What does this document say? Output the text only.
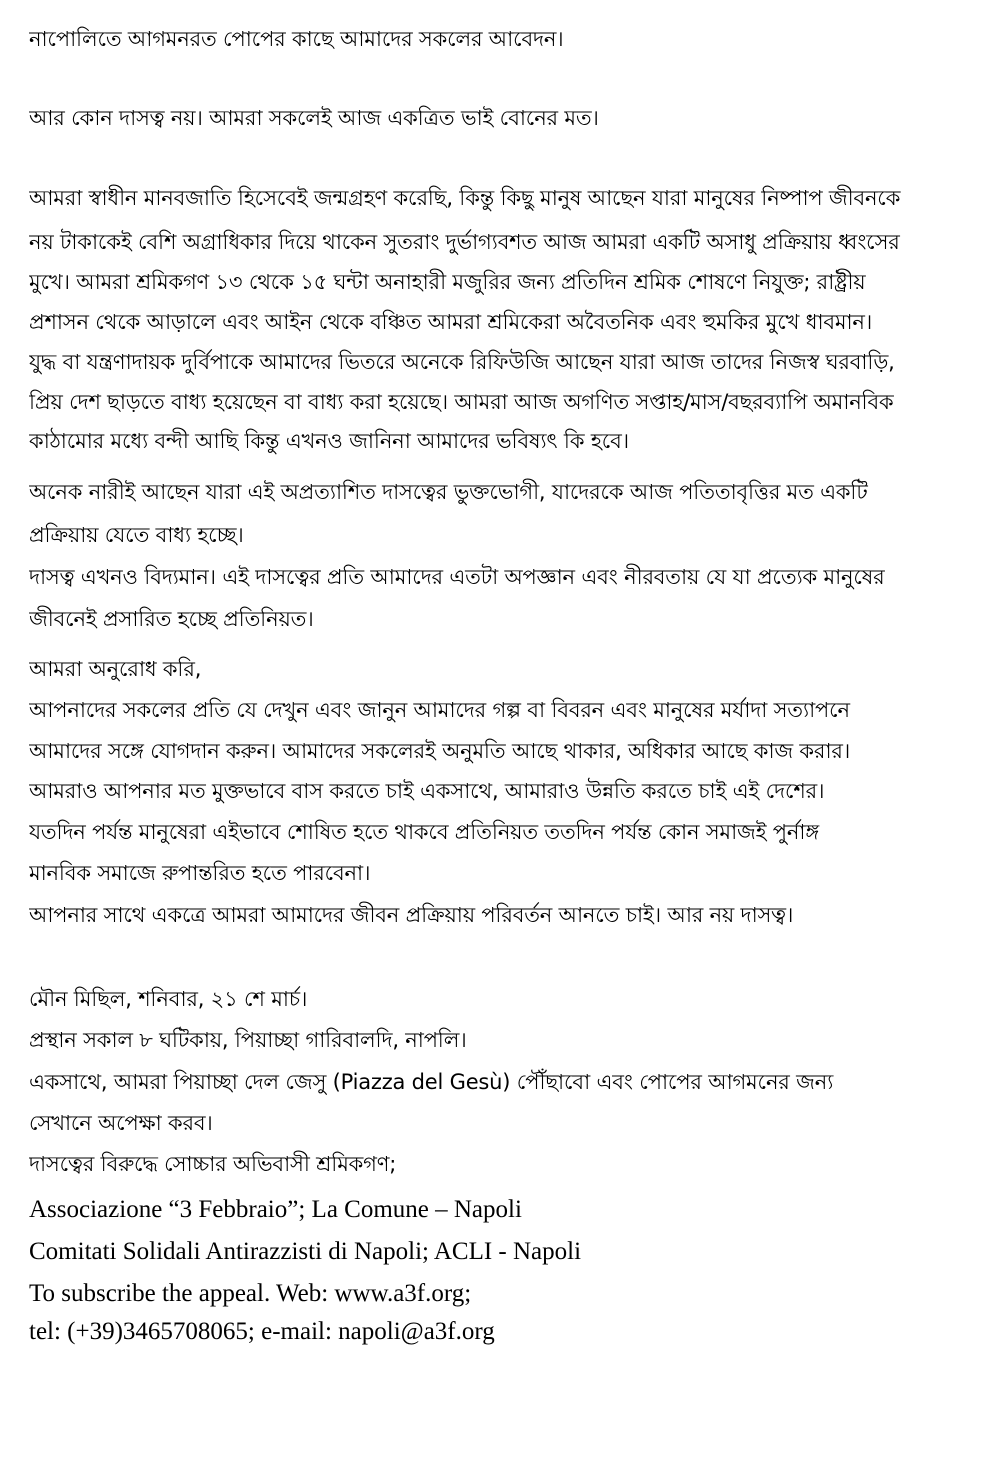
নাপোলিতে আগমনরত পোপের কাছে আমাদের সকলের আবেদন।
আর কোন দাসত্ব নয়। আমরা সকলেই আজ একত্রিত ভাই বোনের মত।
আমরা স্বাধীন মানবজাতি হিসেবেই জন্মগ্রহণ করেছি, কিন্তু কিছু মানুষ আছেন যারা মানুষের নিষ্পাপ জীবনকে
নয় টাকাকেই বেশি অগ্রাধিকার দিয়ে থাকেন সুতরাং দুর্ভাগ্যবশত আজ আমরা একটি অসাধু প্রক্রিয়ায় ধ্বংসের
মুখে। আমরা শ্রমিকগণ ১৩ থেকে ১৫ ঘন্টা অনাহারী মজুরির জন্য প্রতিদিন শ্রমিক শোষণে নিযুক্ত; রাষ্ট্রীয়
প্রশাসন থেকে আড়ালে এবং আইন থেকে বঞ্চিত আমরা শ্রমিকেরা অবৈতনিক এবং হুমকির মুখে ধাবমান।
যুদ্ধ বা যন্ত্রণাদায়ক দুর্বিপাকে আমাদের ভিতরে অনেকে রিফিউজি আছেন যারা আজ তাদের নিজস্ব ঘরবাড়ি,
প্রিয় দেশ ছাড়তে বাধ্য হয়েছেন বা বাধ্য করা হয়েছে। আমরা আজ অগণিত সপ্তাহ/মাস/বছরব্যাপি অমানবিক
কাঠামোর মধ্যে বন্দী আছি কিন্তু এখনও জানিনা আমাদের ভবিষ্যৎ কি হবে।
অনেক নারীই আছেন যারা এই অপ্রত্যাশিত দাসত্বের ভুক্তভোগী, যাদেরকে আজ পতিতাবৃত্তির মত একটি
প্রক্রিয়ায় যেতে বাধ্য হচ্ছে।
দাসত্ব এখনও বিদ্যমান। এই দাসত্বের প্রতি আমাদের এতটা অপজ্ঞান এবং নীরবতায় যে যা প্রত্যেক মানুষের
জীবনেই প্রসারিত হচ্ছে প্রতিনিয়ত।
আমরা অনুরোধ করি,
আপনাদের সকলের প্রতি যে দেখুন এবং জানুন আমাদের গল্প বা বিবরন এবং মানুষের মর্যাদা সত্যাপনে
আমাদের সঙ্গে যোগদান করুন। আমাদের সকলেরই অনুমতি আছে থাকার, অধিকার আছে কাজ করার।
আমরাও আপনার মত মুক্তভাবে বাস করতে চাই একসাথে, আমারাও উন্নতি করতে চাই এই দেশের।
যতদিন পর্যন্ত মানুষেরা এইভাবে শোষিত হতে থাকবে প্রতিনিয়ত ততদিন পর্যন্ত কোন সমাজই পুর্নাঙ্গ
মানবিক সমাজে রুপান্তরিত হতে পারবেনা।
আপনার সাথে একত্রে আমরা আমাদের জীবন প্রক্রিয়ায় পরিবর্তন আনতে চাই। আর নয় দাসত্ব।
মৌন মিছিল, শনিবার, ২১ শে মার্চ।
প্রস্থান সকাল ৮ ঘটিকায়, পিয়াচ্ছা গারিবালদি, নাপলি।
একসাথে, আমরা পিয়াচ্ছা দেল জেসু (Piazza del Gesù) পৌঁছাবো এবং পোপের আগমনের জন্য
সেখানে অপেক্ষা করব।
দাসত্বের বিরুদ্ধে সোচ্চার অভিবাসী শ্রমিকগণ;
Associazione “3 Febbraio”; La Comune – Napoli
Comitati Solidali Antirazzisti di Napoli; ACLI - Napoli
To subscribe the appeal. Web: www.a3f.org;
tel: (+39)3465708065; e-mail: napoli@a3f.org
